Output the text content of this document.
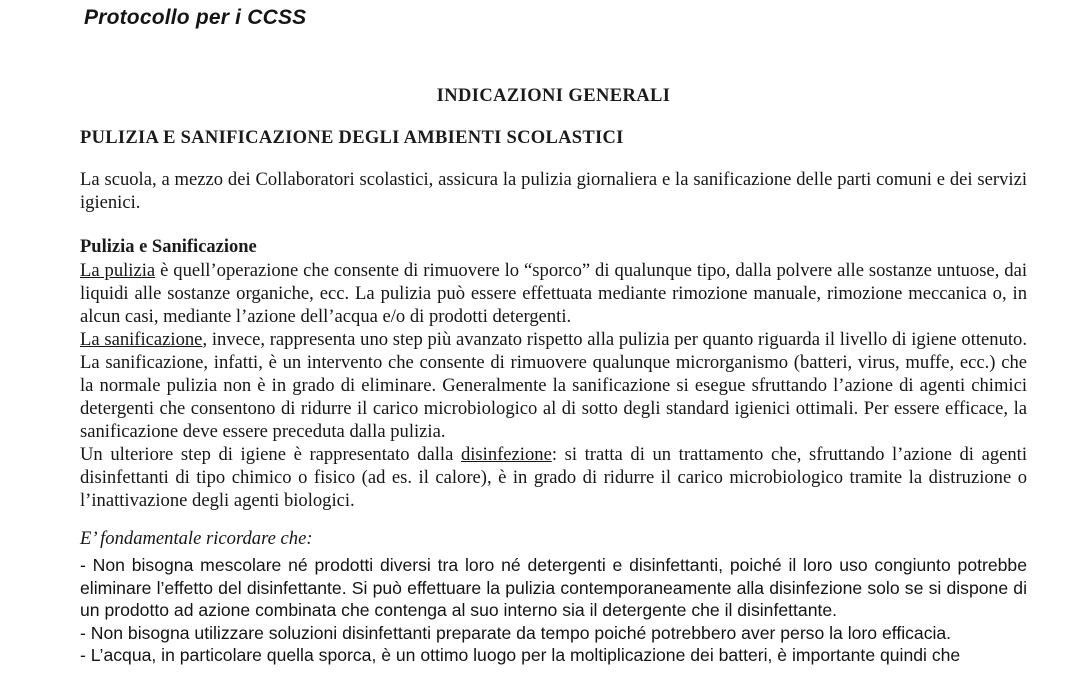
Protocollo per i CCSS
INDICAZIONI GENERALI
PULIZIA E SANIFICAZIONE DEGLI AMBIENTI SCOLASTICI

La scuola, a mezzo dei Collaboratori scolastici, assicura la pulizia giornaliera e la sanificazione delle parti comuni e dei servizi igienici.

Pulizia e Sanificazione

La pulizia è quell’operazione che consente di rimuovere lo “sporco” di qualunque tipo, dalla polvere alle sostanze untuose, dai liquidi alle sostanze organiche, ecc. La pulizia può essere effettuata mediante rimozione manuale, rimozione meccanica o, in alcun casi, mediante l’azione dell’acqua e/o di prodotti detergenti.

La sanificazione, invece, rappresenta uno step più avanzato rispetto alla pulizia per quanto riguarda il livello di igiene ottenuto. La sanificazione, infatti, è un intervento che consente di rimuovere qualunque microrganismo (batteri, virus, muffe, ecc.) che la normale pulizia non è in grado di eliminare. Generalmente la sanificazione si esegue sfruttando l’azione di agenti chimici detergenti che consentono di ridurre il carico microbiologico al di sotto degli standard igienici ottimali. Per essere efficace, la sanificazione deve essere preceduta dalla pulizia.

Un ulteriore step di igiene è rappresentato dalla disinfezione: si tratta di un trattamento che, sfruttando l’azione di agenti disinfettanti di tipo chimico o fisico (ad es. il calore), è in grado di ridurre il carico microbiologico tramite la distruzione o l’inattivazione degli agenti biologici.

E’ fondamentale ricordare che:
- Non bisogna mescolare né prodotti diversi tra loro né detergenti e disinfettanti, poiché il loro uso congiunto potrebbe eliminare l’effetto del disinfettante. Si può effettuare la pulizia contemporaneamente alla disinfezione solo se si dispone di un prodotto ad azione combinata che contenga al suo interno sia il detergente che il disinfettante.
- Non bisogna utilizzare soluzioni disinfettanti preparate da tempo poiché potrebbero aver perso la loro efficacia.
- L’acqua, in particolare quella sporca, è un ottimo luogo per la moltiplicazione dei batteri, è importante quindi che
